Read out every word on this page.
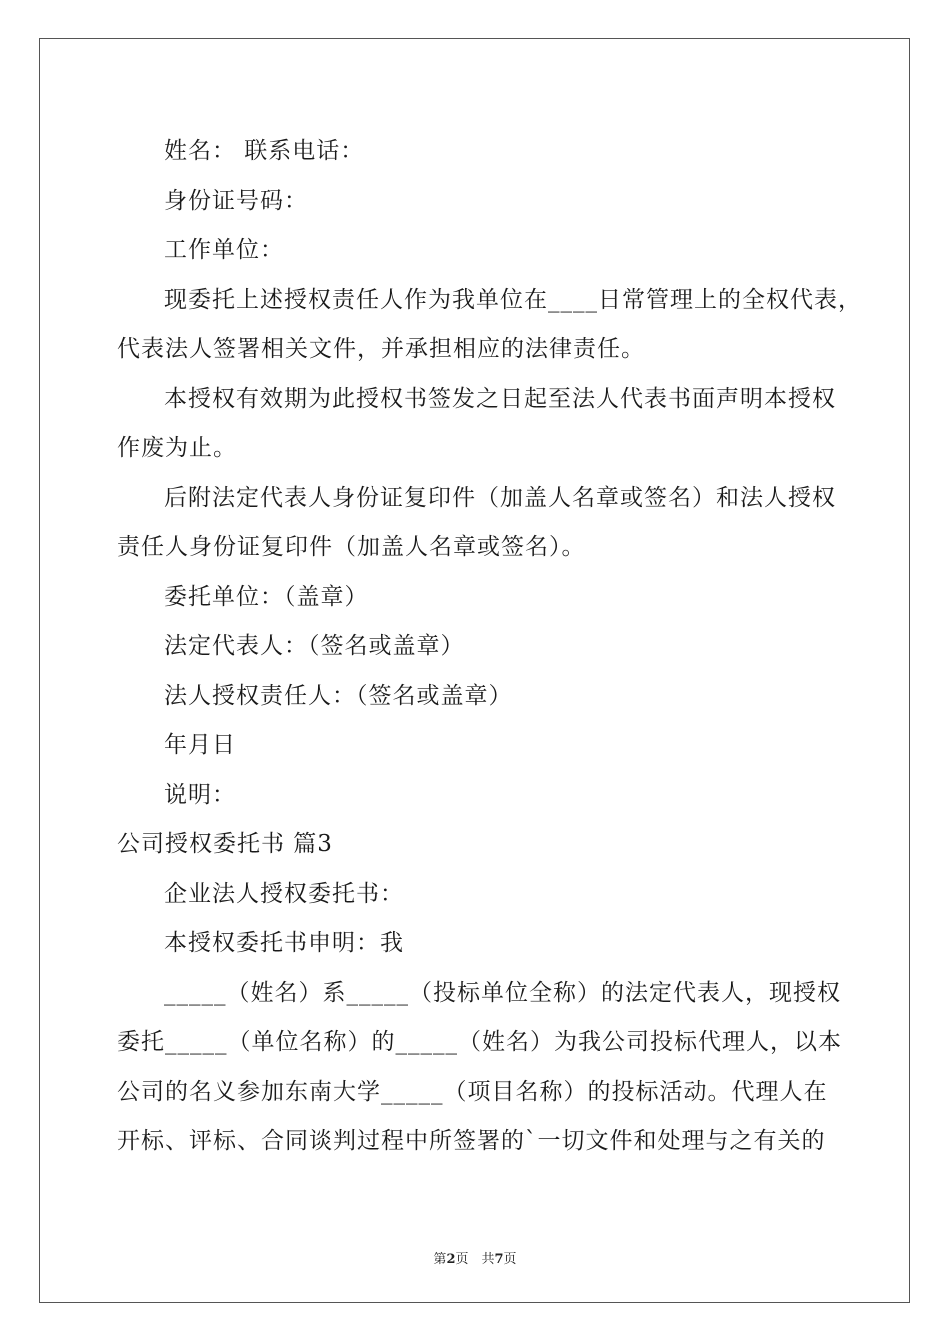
姓名： 联系电话：
身份证号码：
工作单位：
现委托上述授权责任人作为我单位在____日常管理上的全权代表，
代表法人签署相关文件，并承担相应的法律责任。
本授权有效期为此授权书签发之日起至法人代表书面声明本授权
作废为止。
后附法定代表人身份证复印件（加盖人名章或签名）和法人授权
责任人身份证复印件（加盖人名章或签名）。
委托单位：（盖章）
法定代表人：（签名或盖章）
法人授权责任人：（签名或盖章）
年月日
说明：
公司授权委托书 篇3
企业法人授权委托书：
本授权委托书申明：我
_____（姓名）系_____（投标单位全称）的法定代表人，现授权
委托_____（单位名称）的_____（姓名）为我公司投标代理人，以本
公司的名义参加东南大学_____（项目名称）的投标活动。代理人在
开标、评标、合同谈判过程中所签署的`一切文件和处理与之有关的
第2页　共7页
